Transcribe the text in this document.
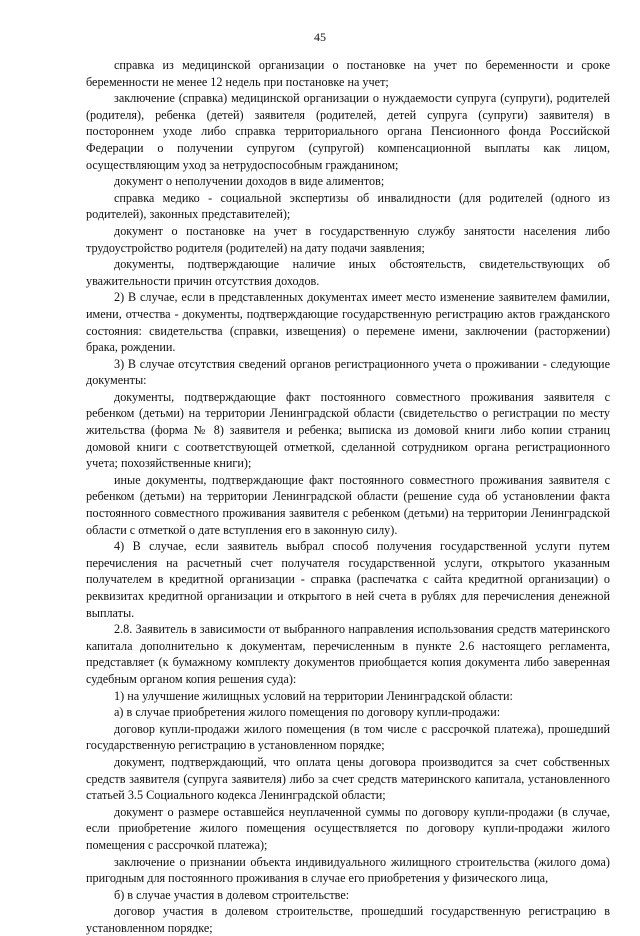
45

справка из медицинской организации о постановке на учет по беременности и сроке беременности не менее 12 недель при постановке на учет;

заключение (справка) медицинской организации о нуждаемости супруга (супруги), родителей (родителя), ребенка (детей) заявителя (родителей, детей супруга (супруги) заявителя) в постороннем уходе либо справка территориального органа Пенсионного фонда Российской Федерации о получении супругом (супругой) компенсационной выплаты как лицом, осуществляющим уход за нетрудоспособным гражданином;

документ о неполучении доходов в виде алиментов;

справка медико - социальной экспертизы об инвалидности (для родителей (одного из родителей), законных представителей);

документ о постановке на учет в государственную службу занятости населения либо трудоустройство родителя (родителей) на дату подачи заявления;

документы, подтверждающие наличие иных обстоятельств, свидетельствующих об уважительности причин отсутствия доходов.

2) В случае, если в представленных документах имеет место изменение заявителем фамилии, имени, отчества - документы, подтверждающие государственную регистрацию актов гражданского состояния: свидетельства (справки, извещения) о перемене имени, заключении (расторжении) брака, рождении.

3) В случае отсутствия сведений органов регистрационного учета о проживании - следующие документы:

документы, подтверждающие факт постоянного совместного проживания заявителя с ребенком (детьми) на территории Ленинградской области (свидетельство о регистрации по месту жительства (форма № 8) заявителя и ребенка; выписка из домовой книги либо копии страниц домовой книги с соответствующей отметкой, сделанной сотрудником органа регистрационного учета; похозяйственные книги);

иные документы, подтверждающие факт постоянного совместного проживания заявителя с ребенком (детьми) на территории Ленинградской области (решение суда об установлении факта постоянного совместного проживания заявителя с ребенком (детьми) на территории Ленинградской области с отметкой о дате вступления его в законную силу).

4) В случае, если заявитель выбрал способ получения государственной услуги путем перечисления на расчетный счет получателя государственной услуги, открытого указанным получателем в кредитной организации - справка (распечатка с сайта кредитной организации) о реквизитах кредитной организации и открытого в ней счета в рублях для перечисления денежной выплаты.

2.8. Заявитель в зависимости от выбранного направления использования средств материнского капитала дополнительно к документам, перечисленным в пункте 2.6 настоящего регламента, представляет (к бумажному комплекту документов приобщается копия документа либо заверенная судебным органом копия решения суда):

1) на улучшение жилищных условий на территории Ленинградской области:

а) в случае приобретения жилого помещения по договору купли-продажи:

договор купли-продажи жилого помещения (в том числе с рассрочкой платежа), прошедший государственную регистрацию в установленном порядке;

документ, подтверждающий, что оплата цены договора производится за счет собственных средств заявителя (супруга заявителя) либо за счет средств материнского капитала, установленного статьей 3.5 Социального кодекса Ленинградской области;

документ о размере оставшейся неуплаченной суммы по договору купли-продажи (в случае, если приобретение жилого помещения осуществляется по договору купли-продажи жилого помещения с рассрочкой платежа);

заключение о признании объекта индивидуального жилищного строительства (жилого дома) пригодным для постоянного проживания в случае его приобретения у физического лица,

б) в случае участия в долевом строительстве:

договор участия в долевом строительстве, прошедший государственную регистрацию в установленном порядке;
